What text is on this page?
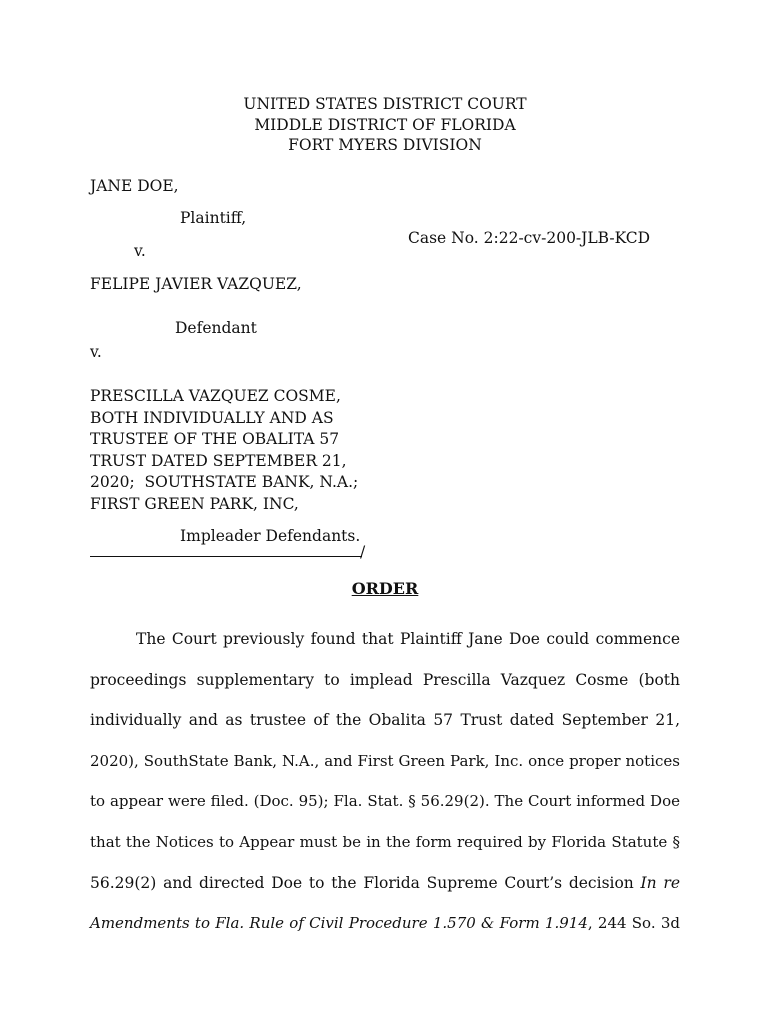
UNITED STATES DISTRICT COURT
MIDDLE DISTRICT OF FLORIDA
FORT MYERS DIVISION
JANE DOE,
Plaintiff,
v.
Case No. 2:22-cv-200-JLB-KCD
FELIPE JAVIER VAZQUEZ,
Defendant
v.
PRESCILLA VAZQUEZ COSME,
BOTH INDIVIDUALLY AND AS
TRUSTEE OF THE OBALITA 57
TRUST DATED SEPTEMBER 21,
2020;  SOUTHSTATE BANK, N.A.;
FIRST GREEN PARK, INC,
Impleader Defendants.
/
ORDER
The Court previously found that Plaintiff Jane Doe could commence
proceedings supplementary to implead Prescilla Vazquez Cosme (both
individually and as trustee of the Obalita 57 Trust dated September 21,
2020), SouthState Bank, N.A., and First Green Park, Inc. once proper notices
to appear were filed. (Doc. 95); Fla. Stat. § 56.29(2). The Court informed Doe
that the Notices to Appear must be in the form required by Florida Statute §
56.29(2) and directed Doe to the Florida Supreme Court’s decision In re
Amendments to Fla. Rule of Civil Procedure 1.570 & Form 1.914, 244 So. 3d
